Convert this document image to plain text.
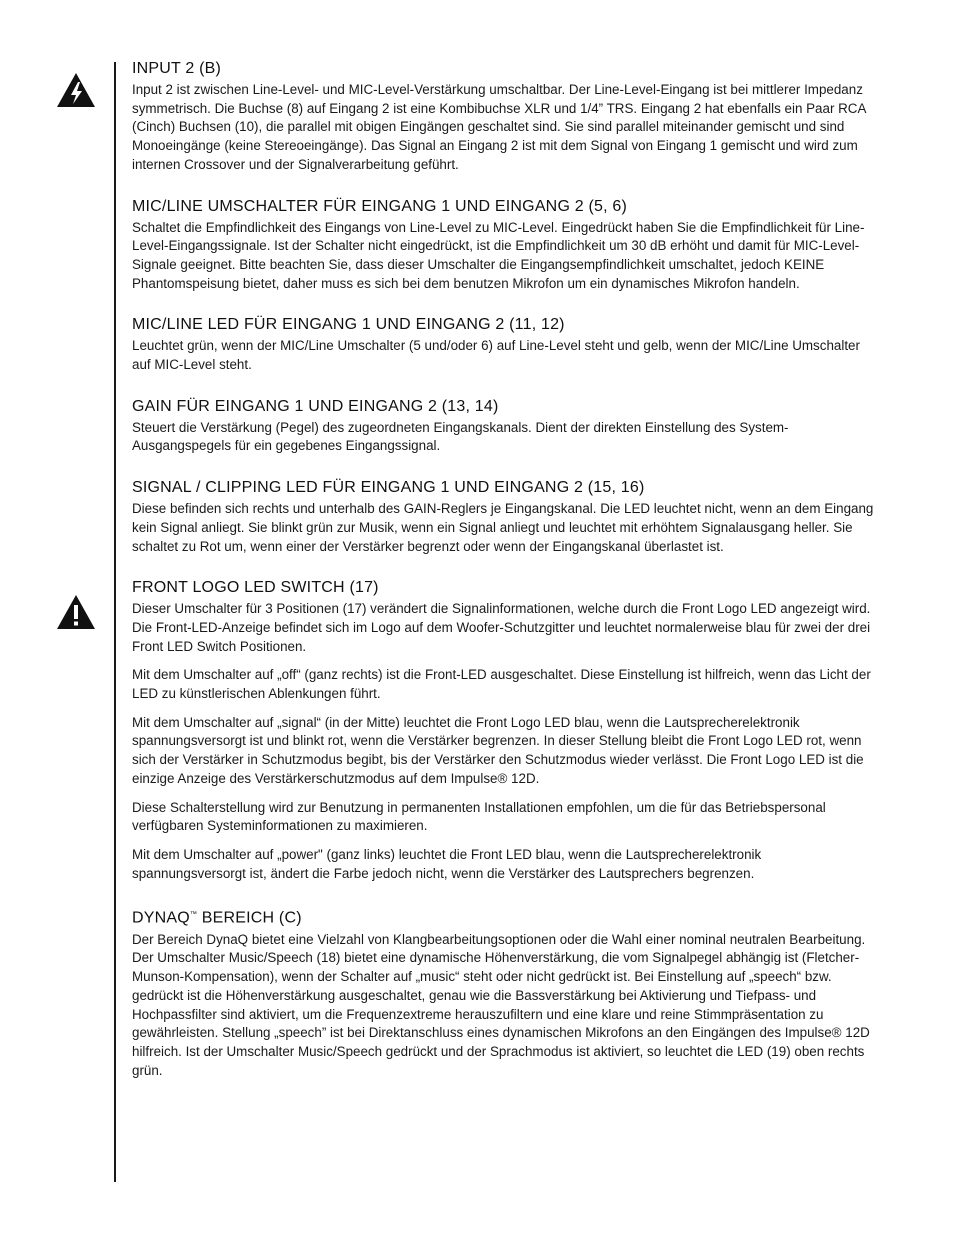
INPUT 2 (B)

Input 2 ist zwischen Line-Level- und MIC-Level-Verstärkung umschaltbar. Der Line-Level-Eingang ist bei mittlerer Impedanz symmetrisch. Die Buchse (8) auf Eingang 2 ist eine Kombibuchse XLR und 1/4” TRS. Eingang 2 hat ebenfalls ein Paar RCA (Cinch) Buchsen (10), die parallel mit obigen Eingängen geschaltet sind. Sie sind parallel miteinander gemischt und sind Monoeingänge (keine Stereoeingänge). Das Signal an Eingang 2 ist mit dem Signal von Eingang 1 gemischt und wird zum internen Crossover und der Signalverarbeitung geführt.

MIC/LINE UMSCHALTER FÜR EINGANG 1 UND EINGANG 2 (5, 6)

Schaltet die Empfindlichkeit des Eingangs von Line-Level zu MIC-Level. Eingedrückt haben Sie die Empfindlichkeit für Line-Level-Eingangssignale. Ist der Schalter nicht eingedrückt, ist die Empfindlichkeit um 30 dB erhöht und damit für MIC-Level-Signale geeignet. Bitte beachten Sie, dass dieser Umschalter die Eingangsempfindlichkeit umschaltet, jedoch KEINE Phantomspeisung bietet, daher muss es sich bei dem benutzen Mikrofon um ein dynamisches Mikrofon handeln.

MIC/LINE LED FÜR EINGANG 1 UND EINGANG 2 (11, 12)

Leuchtet grün, wenn der MIC/Line Umschalter (5 und/oder 6) auf Line-Level steht und gelb, wenn der MIC/Line Umschalter auf MIC-Level steht.

GAIN FÜR EINGANG 1 UND EINGANG 2 (13, 14)

Steuert die Verstärkung (Pegel) des zugeordneten Eingangskanals. Dient der direkten Einstellung des System-Ausgangspegels für ein gegebenes Eingangssignal.

SIGNAL / CLIPPING LED FÜR EINGANG 1 UND EINGANG 2 (15, 16)

Diese befinden sich rechts und unterhalb des GAIN-Reglers je Eingangskanal. Die LED leuchtet nicht, wenn an dem Eingang kein Signal anliegt. Sie blinkt grün zur Musik, wenn ein Signal anliegt und leuchtet mit erhöhtem Signalausgang heller. Sie schaltet zu Rot um, wenn einer der Verstärker begrenzt oder wenn der Eingangskanal überlastet ist.

FRONT LOGO LED SWITCH (17)

Dieser Umschalter für 3 Positionen (17) verändert die Signalinformationen, welche durch die Front Logo LED angezeigt wird. Die Front-LED-Anzeige befindet sich im Logo auf dem Woofer-Schutzgitter und leuchtet normalerweise blau für zwei der drei Front LED Switch Positionen.

Mit dem Umschalter auf „off“ (ganz rechts) ist die Front-LED ausgeschaltet. Diese Einstellung ist hilfreich, wenn das Licht der LED zu künstlerischen Ablenkungen führt.

Mit dem Umschalter auf „signal“ (in der Mitte) leuchtet die Front Logo LED blau, wenn die Lautsprecherelektronik spannungsversorgt ist und blinkt rot, wenn die Verstärker begrenzen. In dieser Stellung bleibt die Front Logo LED rot, wenn sich der Verstärker in Schutzmodus begibt, bis der Verstärker den Schutzmodus wieder verlässt. Die Front Logo LED ist die einzige Anzeige des Verstärkerschutzmodus auf dem Impulse® 12D.

Diese Schalterstellung wird zur Benutzung in permanenten Installationen empfohlen, um die für das Betriebspersonal verfügbaren Systeminformationen zu maximieren.

Mit dem Umschalter auf „power" (ganz links) leuchtet die Front LED blau, wenn die Lautsprecherelektronik spannungsversorgt ist, ändert die Farbe jedoch nicht, wenn die Verstärker des Lautsprechers begrenzen.

DYNAQ™ BEREICH (C)

Der Bereich DynaQ bietet eine Vielzahl von Klangbearbeitungsoptionen oder die Wahl einer nominal neutralen Bearbeitung. Der Umschalter Music/Speech (18) bietet eine dynamische Höhenverstärkung, die vom Signalpegel abhängig ist (Fletcher-Munson-Kompensation), wenn der Schalter auf „music“ steht oder nicht gedrückt ist. Bei Einstellung auf „speech“ bzw. gedrückt ist die Höhenverstärkung ausgeschaltet, genau wie die Bassverstärkung bei Aktivierung und Tiefpass- und Hochpassfilter sind aktiviert, um die Frequenzextreme herauszufiltern und eine klare und reine Stimmpräsentation zu gewährleisten. Stellung „speech” ist bei Direktanschluss eines dynamischen Mikrofons an den Eingängen des Impulse® 12D hilfreich. Ist der Umschalter Music/Speech gedrückt und der Sprachmodus ist aktiviert, so leuchtet die LED (19) oben rechts grün.
